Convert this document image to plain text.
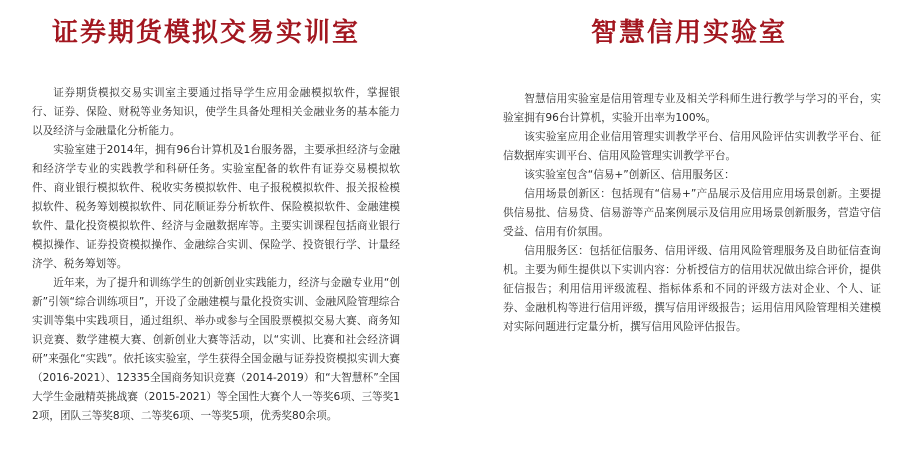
证券期货模拟交易实训室

证券期货模拟交易实训室主要通过指导学生应用金融模拟软件，掌握银行、证券、保险、财税等业务知识，使学生具备处理相关金融业务的基本能力以及经济与金融量化分析能力。

实验室建于2014年，拥有96台计算机及1台服务器，主要承担经济与金融和经济学专业的实践教学和科研任务。实验室配备的软件有证券交易模拟软件、商业银行模拟软件、税收实务模拟软件、电子报税模拟软件、报关报检模拟软件、税务筹划模拟软件、同花顺证券分析软件、保险模拟软件、金融建模软件、量化投资模拟软件、经济与金融数据库等。主要实训课程包括商业银行模拟操作、证券投资模拟操作、金融综合实训、保险学、投资银行学、计量经济学、税务筹划等。

近年来，为了提升和训练学生的创新创业实践能力，经济与金融专业用“创新”引领“综合训练项目”，开设了金融建模与量化投资实训、金融风险管理综合实训等集中实践项目，通过组织、举办或参与全国股票模拟交易大赛、商务知识竞赛、数学建模大赛、创新创业大赛等活动，以“实训、比赛和社会经济调研”来强化“实践”。依托该实验室，学生获得全国金融与证券投资模拟实训大赛（2016-2021）、12335全国商务知识竞赛（2014-2019）和“大智慧杯”全国大学生金融精英挑战赛（2015-2021）等全国性大赛个人一等奖6项、三等奖12项，团队三等奖8项、二等奖6项、一等奖5项，优秀奖80余项。

智慧信用实验室

智慧信用实验室是信用管理专业及相关学科师生进行教学与学习的平台，实验室拥有96台计算机，实验开出率为100%。

该实验室应用企业信用管理实训教学平台、信用风险评估实训教学平台、征信数据库实训平台、信用风险管理实训教学平台。

该实验室包含“信易+”创新区、信用服务区：

信用场景创新区：包括现有“信易+”产品展示及信用应用场景创新。主要提供信易批、信易贷、信易游等产品案例展示及信用应用场景创新服务，营造守信受益、信用有价氛围。

信用服务区：包括征信服务、信用评级、信用风险管理服务及自助征信查询机。主要为师生提供以下实训内容：分析授信方的信用状况做出综合评价，提供征信报告；利用信用评级流程、指标体系和不同的评级方法对企业、个人、证券、金融机构等进行信用评级，撰写信用评级报告；运用信用风险管理相关建模对实际问题进行定量分析，撰写信用风险评估报告。
